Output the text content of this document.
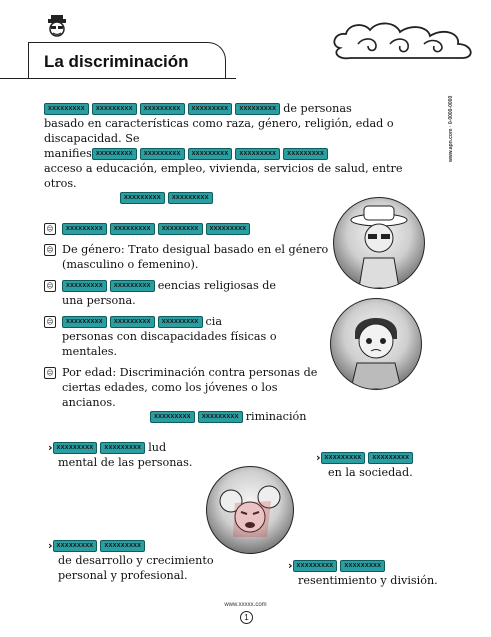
La discriminación
www.apn.com · 0-0000-0000
xxxxxxxxx xxxxxxxxx xxxxxxxxx xxxxxxxxx xxxxxxxxx de personas
basado en características como raza, género, religión, edad o discapacidad. Se
manifies xxxxxxxxx xxxxxxxxx xxxxxxxxx xxxxxxxxx xxxxxxxxx
acceso a educación, empleo, vivienda, servicios de salud, entre otros.
xxxxxxxxx xxxxxxxxx
☹ xxxxxxxxx xxxxxxxxx xxxxxxxxx xxxxxxxxx
☹ De género: Trato desigual basado en el género
(masculino o femenino).
☹ xxxxxxxxx xxxxxxxxx eencias religiosas de
una persona.
☹ xxxxxxxxx xxxxxxxxx xxxxxxxxx cia
personas con discapacidades físicas o mentales.
☹ Por edad: Discriminación contra personas de
ciertas edades, como los jóvenes o los ancianos.
xxxxxxxxx xxxxxxxxx riminación
› xxxxxxxxx xxxxxxxxx lud
mental de las personas.	› xxxxxxxxx xxxxxxxxx
en la sociedad.
› xxxxxxxxx xxxxxxxxx
de desarrollo y crecimiento
personal y profesional.
› xxxxxxxxx xxxxxxxxx
resentimiento y división.
www.xxxxx.com
1
